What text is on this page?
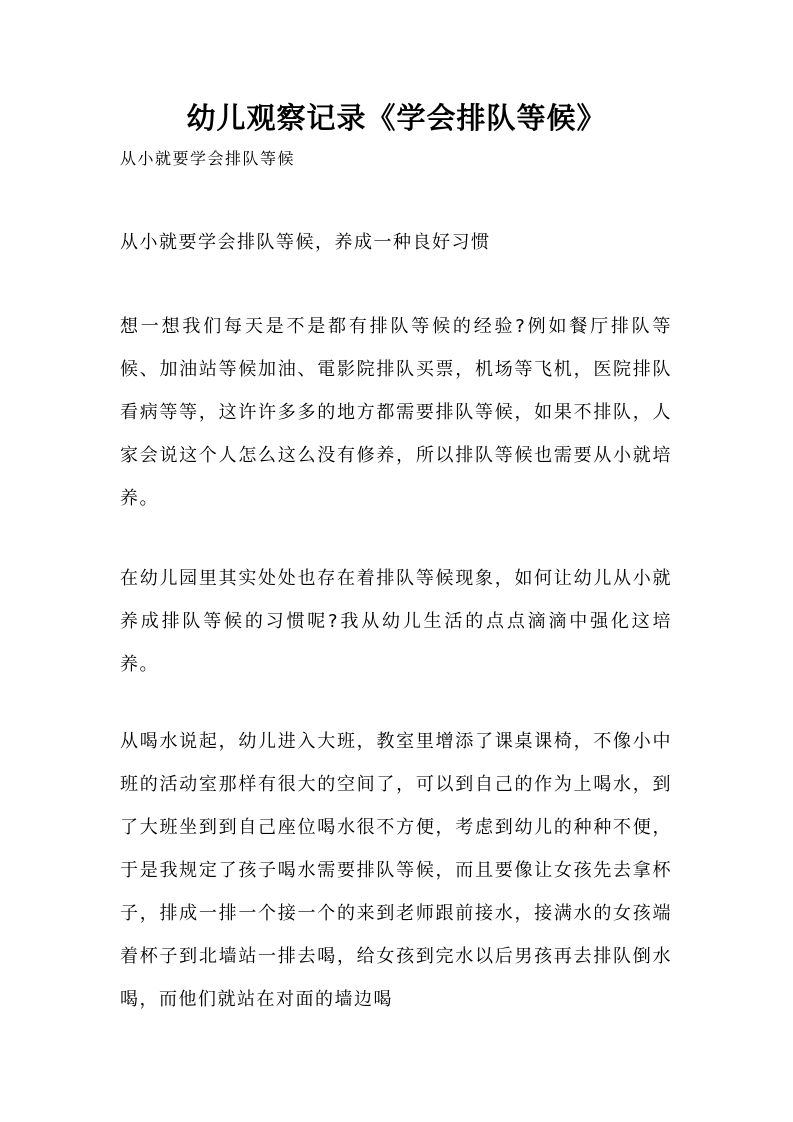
幼儿观察记录《学会排队等候》

从小就要学会排队等候

从小就要学会排队等候，养成一种良好习惯

想一想我们每天是不是都有排队等候的经验?例如餐厅排队等候、加油站等候加油、電影院排队买票，机场等飞机，医院排队看病等等，这许许多多的地方都需要排队等候，如果不排队，人家会说这个人怎么这么没有修养，所以排队等候也需要从小就培养。

在幼儿园里其实处处也存在着排队等候现象，如何让幼儿从小就养成排队等候的习惯呢?我从幼儿生活的点点滴滴中强化这培养。

从喝水说起，幼儿进入大班，教室里增添了课桌课椅，不像小中班的活动室那样有很大的空间了，可以到自己的作为上喝水，到了大班坐到到自己座位喝水很不方便，考虑到幼儿的种种不便，于是我规定了孩子喝水需要排队等候，而且要像让女孩先去拿杯子，排成一排一个接一个的来到老师跟前接水，接满水的女孩端着杯子到北墙站一排去喝，给女孩到完水以后男孩再去排队倒水喝，而他们就站在对面的墙边喝
